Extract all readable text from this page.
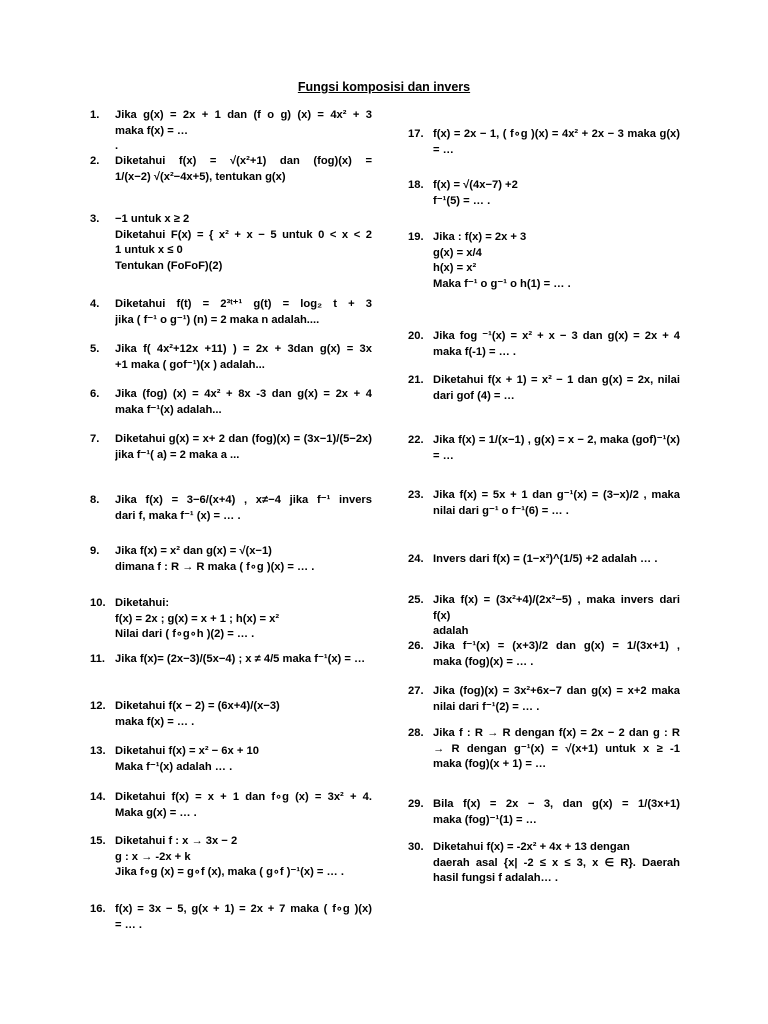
Fungsi komposisi dan invers
1.	Jika g(x) = 2x + 1 dan (f o g) (x) = 4x² + 3
maka f(x) = …
.
2.	Diketahui f(x) = √(x²+1) dan (fog)(x) =
1/(x−2) √(x²−4x+5), tentukan g(x)
3.	−1 untuk x ≥ 2
Diketahui F(x) = { x² + x − 5 untuk 0 < x < 2
1 untuk x ≤ 0
Tentukan (FoFoF)(2)
4.	Diketahui f(t) = 2³ᵗ⁺¹ g(t) = log₂ t + 3
jika ( f⁻¹ o g⁻¹) (n) = 2 maka n adalah....
5.	Jika f( 4x²+12x +11) ) = 2x + 3dan g(x) = 3x
+1 maka ( gof⁻¹)(x ) adalah...
6.	Jika (fog) (x) = 4x² + 8x -3 dan g(x) = 2x + 4
maka f⁻¹(x) adalah...
7.	Diketahui g(x) = x+ 2 dan (fog)(x) = (3x−1)/(5−2x)
jika f⁻¹( a) = 2 maka a ...
8.	Jika f(x) = 3−6/(x+4) , x≠−4 jika f⁻¹ invers
dari f, maka f⁻¹ (x) = … .
9.	Jika f(x) = x² dan g(x) = √(x−1)
dimana f : R → R maka ( f∘g )(x) = … .
10. Diketahui:
f(x) = 2x ; g(x) = x + 1 ; h(x) = x²
Nilai dari ( f∘g∘h )(2) = … .
11. Jika f(x)= (2x−3)/(5x−4) ; x ≠ 4/5 maka f⁻¹(x) = …
12. Diketahui f(x − 2) = (6x+4)/(x−3)
maka f(x) = … .
13. Diketahui f(x) = x² − 6x + 10
Maka f⁻¹(x) adalah … .
14. Diketahui f(x) = x + 1 dan f∘g (x) = 3x² + 4.
Maka g(x) = … .
15. Diketahui f : x → 3x − 2
g : x → -2x + k
Jika f∘g (x) = g∘f (x), maka ( g∘f )⁻¹(x) = … .
16. f(x) = 3x − 5, g(x + 1) = 2x + 7 maka ( f∘g )(x)
= … .
17. f(x) = 2x − 1, ( f∘g )(x) = 4x² + 2x − 3 maka g(x)
= …
18. f(x) = √(4x−7) +2
f⁻¹(5) = … .
19. Jika : f(x) = 2x + 3
g(x) = x/4
h(x) = x²
Maka f⁻¹ o g⁻¹ o h(1) = … .
20. Jika fog ⁻¹(x) = x² + x − 3 dan g(x) = 2x + 4
maka f(-1) = … .
21. Diketahui f(x + 1) = x² − 1 dan g(x) = 2x, nilai
dari gof (4) = …
22. Jika f(x) = 1/(x−1) , g(x) = x − 2, maka (gof)⁻¹(x)
= …
23. Jika f(x) = 5x + 1 dan g⁻¹(x) = (3−x)/2 , maka
nilai dari g⁻¹ o f⁻¹(6) = … .
24. Invers dari f(x) = (1−x³)^(1/5) +2 adalah … .
25. Jika f(x) = (3x²+4)/(2x²−5) , maka invers dari f(x)
adalah
26. Jika f⁻¹(x) = (x+3)/2 dan g(x) = 1/(3x+1) ,
maka (fog)(x) = … .
27. Jika (fog)(x) = 3x²+6x−7 dan g(x) = x+2 maka
nilai dari f⁻¹(2) = … .
28. Jika f : R → R dengan f(x) = 2x − 2 dan g : R
→ R dengan g⁻¹(x) = √(x+1) untuk x ≥ -1
maka (fog)(x + 1) = …
29. Bila f(x) = 2x − 3, dan g(x) = 1/(3x+1)
maka (fog)⁻¹(1) = …
30. Diketahui f(x) = -2x² + 4x + 13 dengan
daerah asal {x| -2 ≤ x ≤ 3, x ∈ R}. Daerah
hasil fungsi f adalah… .
